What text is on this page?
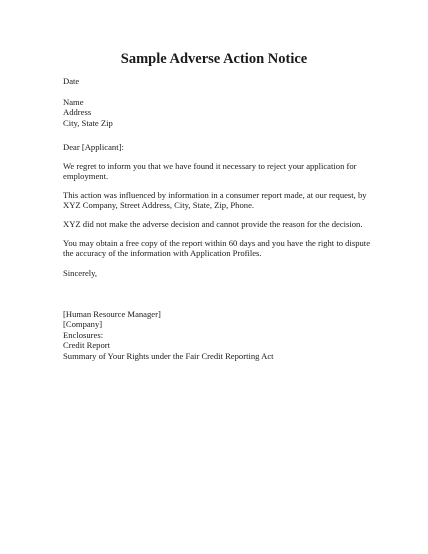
Sample Adverse Action Notice
Date
Name
Address
City, State Zip
Dear [Applicant]:
We regret to inform you that we have found it necessary to reject your application for employment.
This action was influenced by information in a consumer report made, at our request, by XYZ Company, Street Address, City, State, Zip, Phone.
XYZ did not make the adverse decision and cannot provide the reason for the decision.
You may obtain a free copy of the report within 60 days and you have the right to dispute the accuracy of the information with Application Profiles.
Sincerely,
[Human Resource Manager]
[Company]
Enclosures:
Credit Report
Summary of Your Rights under the Fair Credit Reporting Act
